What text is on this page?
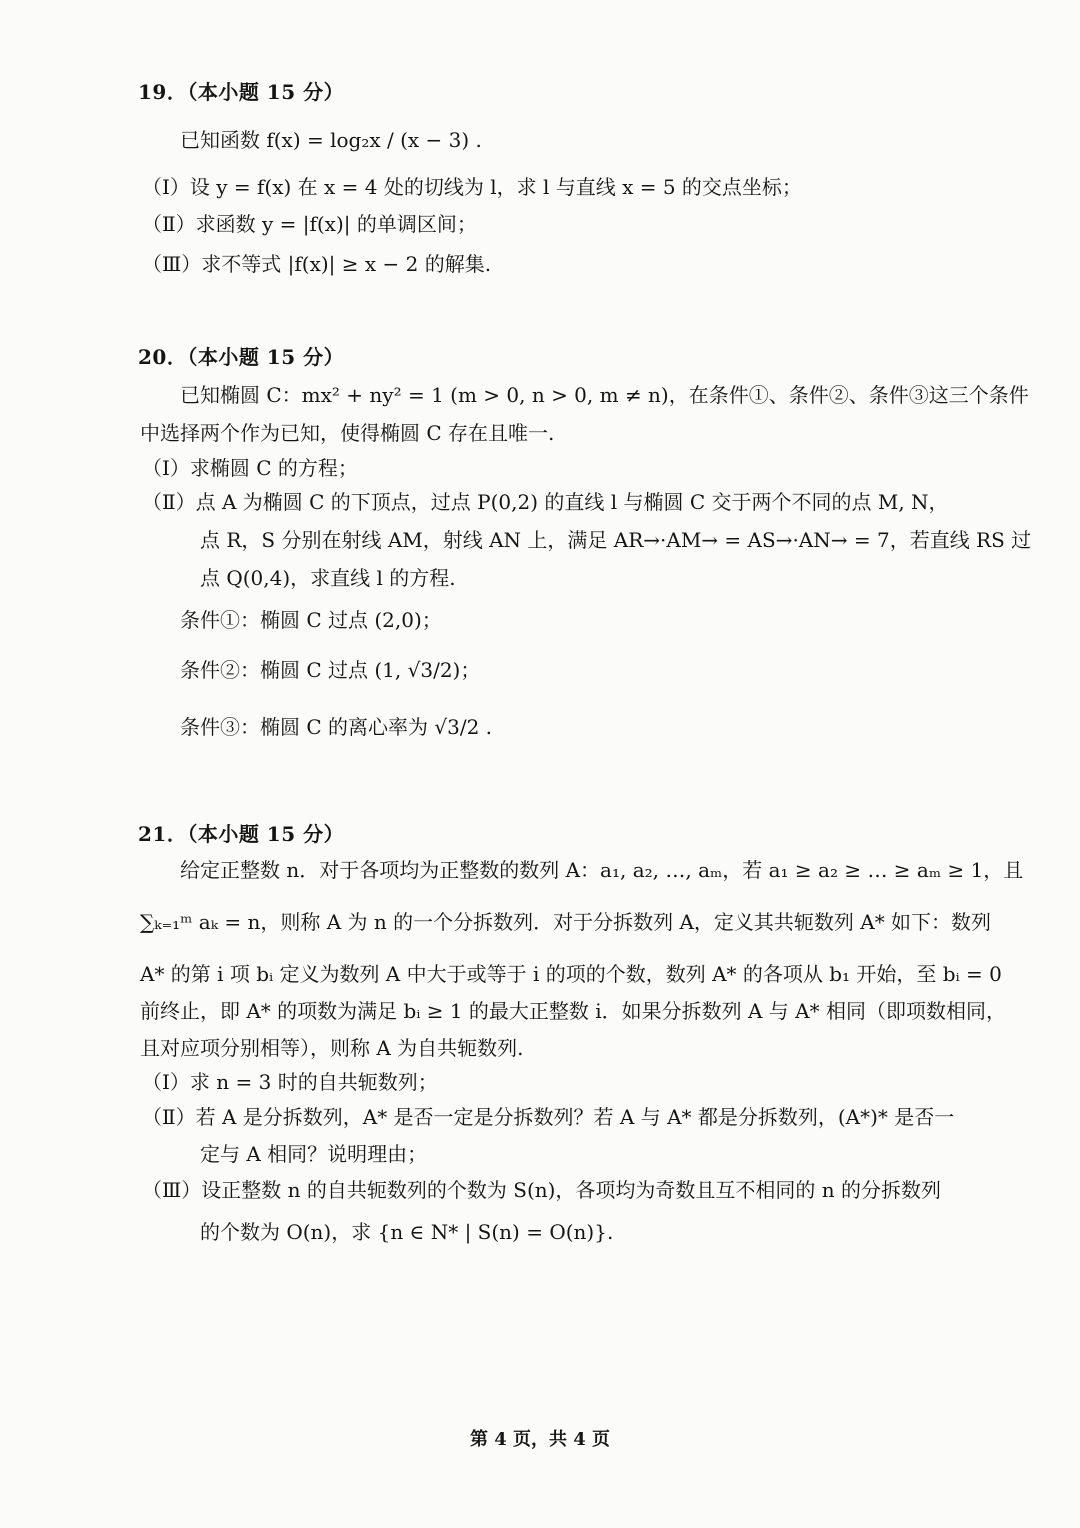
19．（本小题 15 分）
已知函数 f(x) = log₂x / (x − 3) .
（Ⅰ）设 y = f(x) 在 x = 4 处的切线为 l，求 l 与直线 x = 5 的交点坐标；
（Ⅱ）求函数 y = |f(x)| 的单调区间；
（Ⅲ）求不等式 |f(x)| ≥ x − 2 的解集.
20．（本小题 15 分）
已知椭圆 C：mx² + ny² = 1 (m > 0, n > 0, m ≠ n)，在条件①、条件②、条件③这三个条件
中选择两个作为已知，使得椭圆 C 存在且唯一.
（Ⅰ）求椭圆 C 的方程；
（Ⅱ）点 A 为椭圆 C 的下顶点，过点 P(0,2) 的直线 l 与椭圆 C 交于两个不同的点 M, N，
点 R，S 分别在射线 AM，射线 AN 上，满足 AR→·AM→ = AS→·AN→ = 7，若直线 RS 过
点 Q(0,4)，求直线 l 的方程.
条件①：椭圆 C 过点 (2,0)；
条件②：椭圆 C 过点 (1, √3/2)；
条件③：椭圆 C 的离心率为 √3/2 .
21．（本小题 15 分）
给定正整数 n．对于各项均为正整数的数列 A：a₁, a₂, …, aₘ，若 a₁ ≥ a₂ ≥ … ≥ aₘ ≥ 1，且
∑ₖ₌₁ᵐ aₖ = n，则称 A 为 n 的一个分拆数列．对于分拆数列 A，定义其共轭数列 A* 如下：数列
A* 的第 i 项 bᵢ 定义为数列 A 中大于或等于 i 的项的个数，数列 A* 的各项从 b₁ 开始，至 bᵢ = 0
前终止，即 A* 的项数为满足 bᵢ ≥ 1 的最大正整数 i．如果分拆数列 A 与 A* 相同（即项数相同，
且对应项分别相等），则称 A 为自共轭数列.
（Ⅰ）求 n = 3 时的自共轭数列；
（Ⅱ）若 A 是分拆数列，A* 是否一定是分拆数列？若 A 与 A* 都是分拆数列，(A*)* 是否一
定与 A 相同？说明理由；
（Ⅲ）设正整数 n 的自共轭数列的个数为 S(n)，各项均为奇数且互不相同的 n 的分拆数列
的个数为 O(n)，求 {n ∈ N* | S(n) = O(n)}.
第 4 页，共 4 页
